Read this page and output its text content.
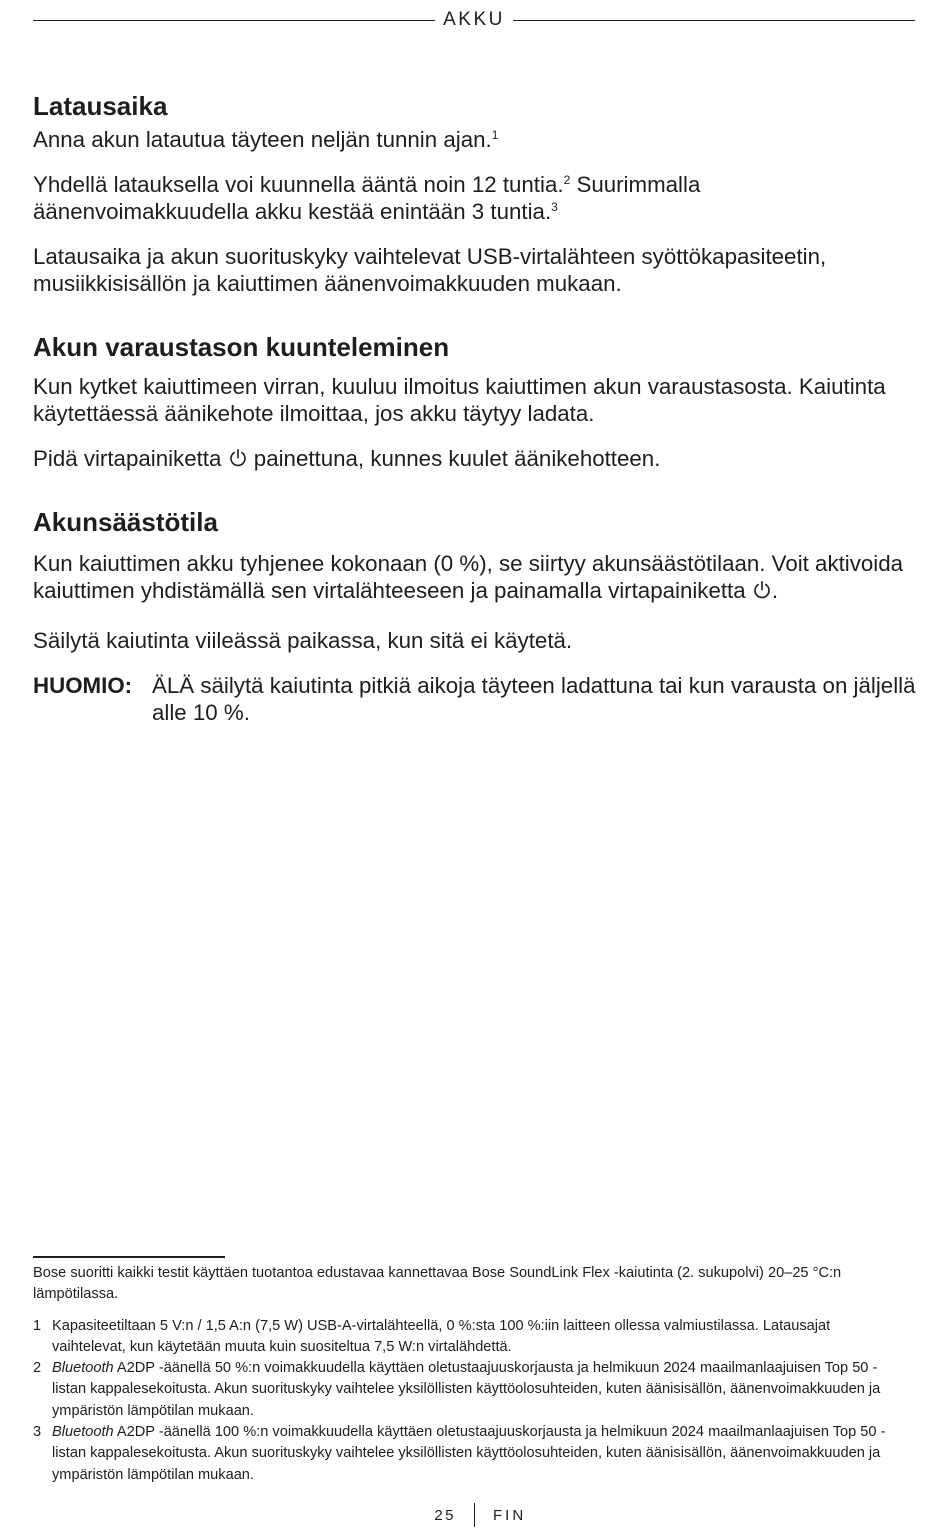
AKKU
Latausaika

Anna akun latautua täyteen neljän tunnin ajan.$^1$

Yhdellä latauksella voi kuunnella ääntä noin 12 tuntia.$^2$ Suurimmalla äänenvoimakkuudella akku kestää enintään 3 tuntia.$^3$

Latausaika ja akun suorituskyky vaihtelevat USB-virtalähteen syöttökapasiteetin, musiikkisisällön ja kaiuttimen äänenvoimakkuuden mukaan.

Akun varaustason kuunteleminen

Kun kytket kaiuttimeen virran, kuuluu ilmoitus kaiuttimen akun varaustasosta. Kaiutinta käytettäessä äänikehote ilmoittaa, jos akku täytyy ladata.

Pidä virtapainiketta  painettuna, kunnes kuulet äänikehotteen.

Akunsäästötila

Kun kaiuttimen akku tyhjenee kokonaan (0 %), se siirtyy akunsäästötilaan. Voit aktivoida kaiuttimen yhdistämällä sen virtalähteeseen ja painamalla virtapainiketta .

Säilytä kaiutinta viileässä paikassa, kun sitä ei käytetä.

HUOMIO: ÄLÄ säilytä kaiutinta pitkiä aikoja täyteen ladattuna tai kun varausta on jäljellä alle 10 %.
Bose suoritti kaikki testit käyttäen tuotantoa edustavaa kannettavaa Bose SoundLink Flex -kaiutinta (2. sukupolvi) 20–25 °C:n lämpötilassa.
1 Kapasiteetiltaan 5 V:n / 1,5 A:n (7,5 W) USB-A-virtalähteellä, 0 %:sta 100 %:iin laitteen ollessa valmiustilassa. Latausajat vaihtelevat, kun käytetään muuta kuin suositeltua 7,5 W:n virtalähdettä.
2 Bluetooth A2DP -äänellä 50 %:n voimakkuudella käyttäen oletustaajuuskorjausta ja helmikuun 2024 maailmanlaajuisen Top 50 -listan kappalesekoitusta. Akun suorituskyky vaihtelee yksilöllisten käyttöolosuhteiden, kuten äänisisällön, äänenvoimakkuuden ja ympäristön lämpötilan mukaan.
3 Bluetooth A2DP -äänellä 100 %:n voimakkuudella käyttäen oletustaajuuskorjausta ja helmikuun 2024 maailmanlaajuisen Top 50 -listan kappalesekoitusta. Akun suorituskyky vaihtelee yksilöllisten käyttöolosuhteiden, kuten äänisisällön, äänenvoimakkuuden ja ympäristön lämpötilan mukaan.
25 FIN
